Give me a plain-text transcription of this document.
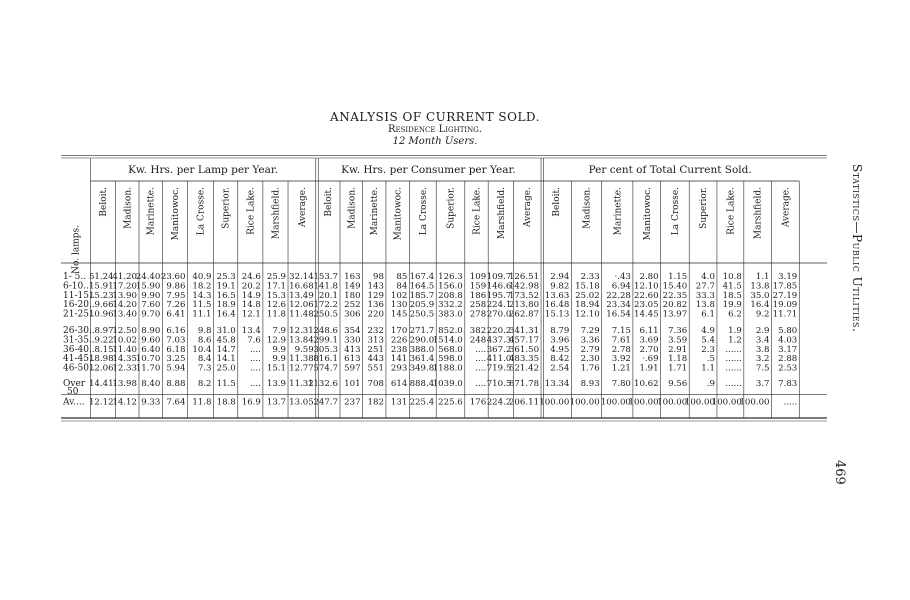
ANALYSIS OF CURRENT SOLD.
Residence Lighting.
12 Month Users.
Statistics—Public Utilities.
469
Kw. Hrs. per Lamp per Year.
Beloit. Madison. Marinette. Manitowoc. La Crosse. Superior. Rice Lake. Marshfield. Average.
Kw. Hrs. per Consumer per Year.
Beloit. Madison. Marinette. Manitowoc. La Crosse. Superior. Rice Lake. Marshfield. Average.
Per cent of Total Current Sold.
Beloit. Madison. Marinette. Manitowoc. La Crosse. Superior. Rice Lake. Marshfield. Average.
No. lamps.
1- 5.. 51.24
41.20
24.40 23.60 40.9 25.3 24.6 25.9 32.14 153.7 163 98 85 167.4 126.3 109 109.7
126.51 2.94 2.33 ·.43 2.80 1.15 4.0 10.8 1.1 3.19
6-10.. 15.91
17.20
15.90 9.86 18.2 19.1 20.2 17.1 16.68 141.8 149 143 84 164.5 156.0 159 146.6
142.98 9.82 15.18 6.94 12.10 15.40 27.7 41.5 13.8 17.85
11-15..
15.23
13.90 9.90 7.95 14.3 16.5 14.9 15.3 13.49 20.1 180 129 102 185.7 208.8 186 195.7
173.52 13.63 25.02 22.28 22.60 22.35 33.3 18.5 35.0 27.19
16-20.. 9.66
14.20 7.60 7.26 11.5 18.9 14.8 12.6 12.06 172.2 252 136 130 205.9 332.2 258 224.1
213.80 16.48 18.94 23.34 23.05 20.82 13.8 19.9 16.4 19.09
21-25..
10.96
13.40 9.70 6.41 11.1 16.4 12.1 11.8 11.48 250.5 306 220 145 250.5 383.0 278 270.0
262.87 15.13 12.10 16.54 14.45 13.97 6.1 6.2 9.2 11.71
26-30.. 8.97
12.50 8.90 6.16 9.8 31.0 13.4 7.9 12.31 248.6 354 232 170 271.7 852.0 382 220.2
341.31 8.79 7.29 7.15 6.11 7.36 4.9 1.9 2.9 5.80
31-35.. 9.22
10.02 9.60 7.03 8.6 45.8 7.6 12.9 13.84 299.1 330 313 226 290.0
1514.0 248 437.3
457.17 3.96 3.36 7.61 3.69 3.59 5.4 1.2 3.4 4.03
36-40.. 8.15
11.40 6.40 6.18 10.4 14.7 .... 9.9 9.59 305.3 413 251 238 388.0 568.0 .... 367.2
361.50 4.95 2.79 2.78 2.70 2.91 2.3 ...... 3.8 3.17
41-45..
18.98
14.35
10.70 3.25 8.4 14.1 .... 9.9 11.38 816.1 613 443 141 361.4 598.0 .... 411.0
483.35 8.42 2.30 3.92 ·.69 1.18 .5 ...... 3.2 2.88
46-50..
12.06
12.33
11.70 5.94 7.3 25.0 .... 15.1 12.77 574.7 597 551 293 349.8
1188.0 .... 719.5
521.42 2.54 1.76 1.21 1.91 1.71 1.1 ...... 7.5 2.53
Over
50
14.41
13.98 8.40 8.88 8.2 11.5 .... 13.9 11.32
1132.6 101 708 614 888.4
1039.0 .... 710.5
871.78 13.34 8.93 7.80 10.62 9.56 .9 ...... 3.7 7.83
Av.... 12.12
14.12 9.33 7.64 11.8 18.8 16.9 13.7 13.05 247.7 237 182 131 225.4 225.6 176 224.2
206.11 100.00 100.00 100.00
100.00
100.00
100.00
100.00
100.00 .....
